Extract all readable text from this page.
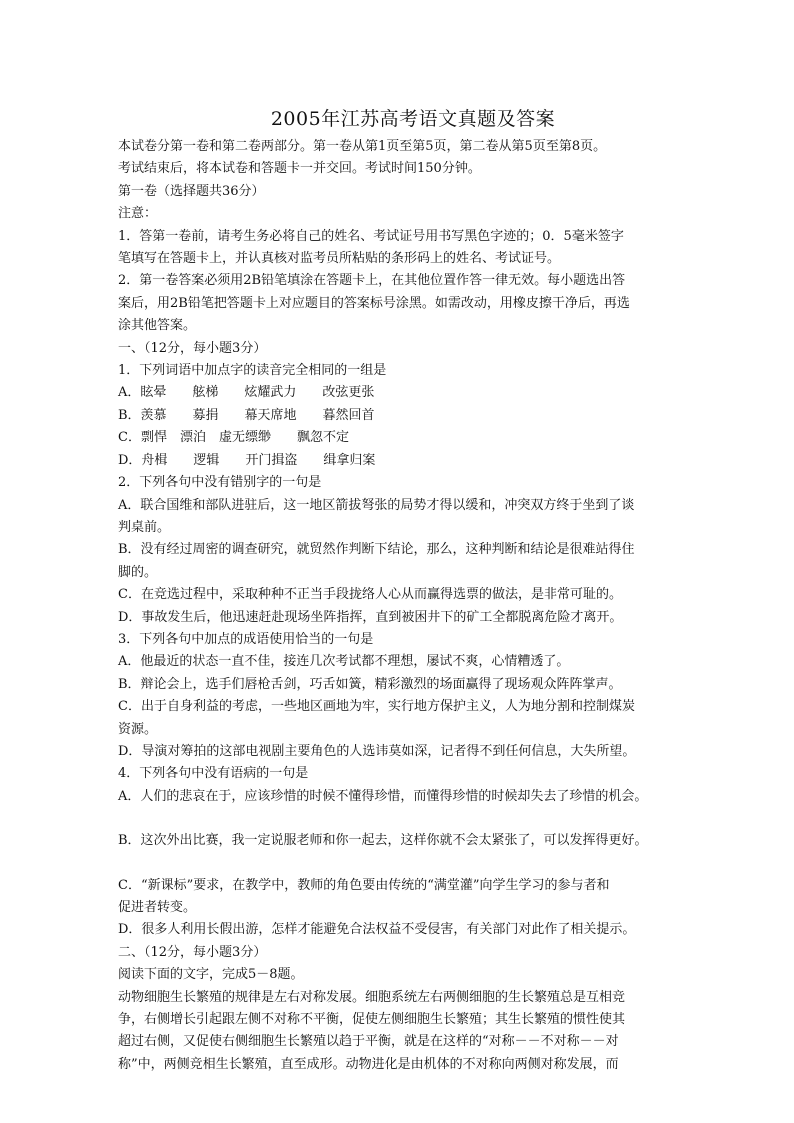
2005年江苏高考语文真题及答案

本试卷分第一卷和第二卷两部分。第一卷从第1页至第5页，第二卷从第5页至第8页。

考试结束后，将本试卷和答题卡一并交回。考试时间150分钟。

第一卷（选择题共36分）

注意：

1．答第一卷前，请考生务必将自己的姓名、考试证号用书写黑色字迹的；0．5毫米签字

笔填写在答题卡上，并认真核对监考员所粘贴的条形码上的姓名、考试证号。

2．第一卷答案必须用2B铅笔填涂在答题卡上，在其他位置作答一律无效。每小题选出答

案后，用2B铅笔把答题卡上对应题目的答案标号涂黑。如需改动，用橡皮擦干净后，再选

涂其他答案。

一、（12分，每小题3分）

1．下列词语中加点字的读音完全相同的一组是

A．眩晕　　舷梯　　炫耀武力　　改弦更张

B．羡慕　　募捐　　幕天席地　　暮然回首

C．剽悍　漂泊　虚无缥缈　　飘忽不定

D．舟楫　　逻辑　　开门揖盗　　缉拿归案

2．下列各句中没有错别字的一句是

A．联合国维和部队进驻后，这一地区箭拔弩张的局势才得以缓和，冲突双方终于坐到了谈

判桌前。

B．没有经过周密的调查研究，就贸然作判断下结论，那么，这种判断和结论是很难站得住

脚的。

C．在竞选过程中，采取种种不正当手段拢络人心从而赢得选票的做法，是非常可耻的。

D．事故发生后，他迅速赶赴现场坐阵指挥，直到被困井下的矿工全都脱离危险才离开。

3．下列各句中加点的成语使用恰当的一句是

A．他最近的状态一直不佳，接连几次考试都不理想，屡试不爽，心情糟透了。

B．辩论会上，选手们唇枪舌剑，巧舌如簧，精彩激烈的场面赢得了现场观众阵阵掌声。

C．出于自身利益的考虑，一些地区画地为牢，实行地方保护主义，人为地分割和控制煤炭

资源。

D．导演对筹拍的这部电视剧主要角色的人选讳莫如深，记者得不到任何信息，大失所望。

4．下列各句中没有语病的一句是

A．人们的悲哀在于，应该珍惜的时候不懂得珍惜，而懂得珍惜的时候却失去了珍惜的机会。

B．这次外出比赛，我一定说服老师和你一起去，这样你就不会太紧张了，可以发挥得更好。

C．“新课标”要求，在教学中，教师的角色要由传统的“满堂灌”向学生学习的参与者和

促进者转变。

D．很多人利用长假出游，怎样才能避免合法权益不受侵害，有关部门对此作了相关提示。

二、（12分，每小题3分）

阅读下面的文字，完成5－8题。

动物细胞生长繁殖的规律是左右对称发展。细胞系统左右两侧细胞的生长繁殖总是互相竞

争，右侧增长引起跟左侧不对称不平衡，促使左侧细胞生长繁殖；其生长繁殖的惯性使其

超过右侧，又促使右侧细胞生长繁殖以趋于平衡，就是在这样的“对称－－不对称－－对

称”中，两侧竞相生长繁殖，直至成形。动物进化是由机体的不对称向两侧对称发展，而
